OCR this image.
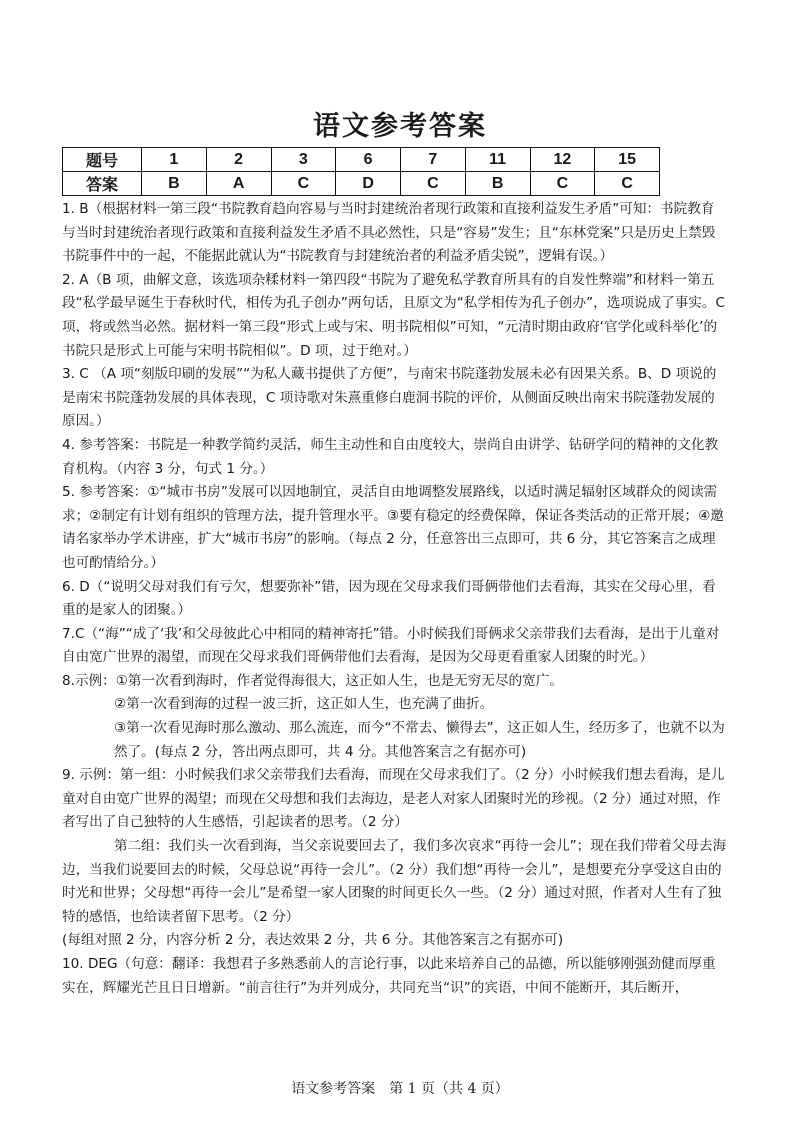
语文参考答案
题号	1	2	3	6	7	11	12	15
答案	B	A	C	D	C	B	C	C

1. B（根据材料一第三段“书院教育趋向容易与当时封建统治者现行政策和直接利益发生矛盾”可知：书院教育与当时封建统治者现行政策和直接利益发生矛盾不具必然性，只是“容易”发生；且“东林党案”只是历史上禁毁书院事件中的一起，不能据此就认为“书院教育与封建统治者的利益矛盾尖锐”，逻辑有误。）

2. A（B 项，曲解文意，该选项杂糅材料一第四段“书院为了避免私学教育所具有的自发性弊端”和材料一第五段“私学最早诞生于春秋时代，相传为孔子创办”两句话，且原文为“私学相传为孔子创办”，选项说成了事实。C 项，将或然当必然。据材料一第三段“形式上或与宋、明书院相似”可知，“元清时期由政府‘官学化或科举化’的书院只是形式上可能与宋明书院相似”。D 项，过于绝对。）

3. C （A 项“刻版印刷的发展”“为私人藏书提供了方便”，与南宋书院蓬勃发展未必有因果关系。B、D 项说的是南宋书院蓬勃发展的具体表现，C 项诗歌对朱熹重修白鹿洞书院的评价，从侧面反映出南宋书院蓬勃发展的原因。）

4. 参考答案：书院是一种教学简约灵活，师生主动性和自由度较大，崇尚自由讲学、钻研学问的精神的文化教育机构。（内容 3 分，句式 1 分。）

5. 参考答案：①“城市书房”发展可以因地制宜，灵活自由地调整发展路线，以适时满足辐射区域群众的阅读需求；②制定有计划有组织的管理方法，提升管理水平。③要有稳定的经费保障，保证各类活动的正常开展；④邀请名家举办学术讲座，扩大“城市书房”的影响。（每点 2 分，任意答出三点即可，共 6 分，其它答案言之成理也可酌情给分。）

6. D（“说明父母对我们有亏欠，想要弥补”错，因为现在父母求我们哥俩带他们去看海，其实在父母心里，看重的是家人的团聚。）

7.C（“海”“成了‘我’和父母彼此心中相同的精神寄托”错。小时候我们哥俩求父亲带我们去看海，是出于儿童对自由宽广世界的渴望，而现在父母求我们哥俩带他们去看海，是因为父母更看重家人团聚的时光。）

8.示例：①第一次看到海时，作者觉得海很大，这正如人生，也是无穷无尽的宽广。

②第一次看到海的过程一波三折，这正如人生，也充满了曲折。

③第一次看见海时那么激动、那么流连，而今“不常去、懒得去”，这正如人生，经历多了，也就不以为然了。(每点 2 分，答出两点即可，共 4 分。其他答案言之有据亦可)

9. 示例：第一组：小时候我们求父亲带我们去看海，而现在父母求我们了。（2 分）小时候我们想去看海，是儿童对自由宽广世界的渴望；而现在父母想和我们去海边，是老人对家人团聚时光的珍视。（2 分）通过对照，作者写出了自己独特的人生感悟，引起读者的思考。（2 分）

第二组：我们头一次看到海，当父亲说要回去了，我们多次哀求“再待一会儿”；现在我们带着父母去海边，当我们说要回去的时候，父母总说“再待一会儿”。（2 分）我们想“再待一会儿”，是想要充分享受这自由的时光和世界；父母想“再待一会儿”是希望一家人团聚的时间更长久一些。（2 分）通过对照，作者对人生有了独特的感悟，也给读者留下思考。（2 分）

(每组对照 2 分，内容分析 2 分，表达效果 2 分，共 6 分。其他答案言之有据亦可)

10. DEG（句意：翻译：我想君子多熟悉前人的言论行事，以此来培养自己的品德，所以能够刚强劲健而厚重实在，辉耀光芒且日日增新。“前言往行”为并列成分，共同充当“识”的宾语，中间不能断开，其后断开，

语文参考答案　第 1 页（共 4 页）
